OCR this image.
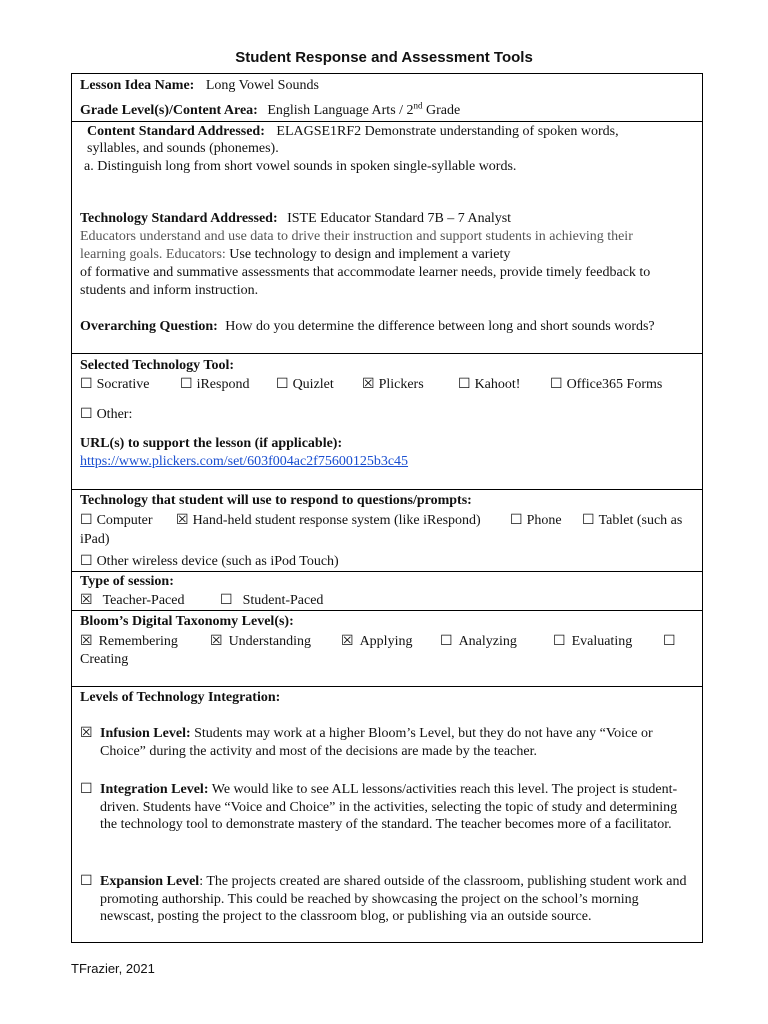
Student Response and Assessment Tools
Lesson Idea Name: Long Vowel Sounds
Grade Level(s)/Content Area: English Language Arts / 2nd Grade
Content Standard Addressed: ELAGSE1RF2 Demonstrate understanding of spoken words,
syllables, and sounds (phonemes).
a. Distinguish long from short vowel sounds in spoken single-syllable words.
Technology Standard Addressed: ISTE Educator Standard 7B – 7 Analyst
Educators understand and use data to drive their instruction and support students in achieving their
learning goals. Educators: Use technology to design and implement a variety
of formative and summative assessments that accommodate learner needs, provide timely feedback to
students and inform instruction.
Overarching Question: How do you determine the difference between long and short sounds words?
Selected Technology Tool:
☐ Socrative ☐ iRespond ☐ Quizlet ☒ Plickers ☐ Kahoot! ☐ Office365 Forms
☐ Other:
URL(s) to support the lesson (if applicable):
https://www.plickers.com/set/603f004ac2f75600125b3c45
Technology that student will use to respond to questions/prompts:
☐ Computer ☒ Hand-held student response system (like iRespond) ☐ Phone ☐ Tablet (such as
iPad)
☐ Other wireless device (such as iPod Touch)
Type of session:
☒ Teacher-Paced	☐ Student-Paced
Bloom’s Digital Taxonomy Level(s):
☒ Remembering ☒ Understanding ☒ Applying ☐ Analyzing	☐ Evaluating ☐
Creating
Levels of Technology Integration:
☒ Infusion Level: Students may work at a higher Bloom’s Level, but they do not have any “Voice or Choice” during the activity and most of the decisions are made by the teacher.
☐ Integration Level: We would like to see ALL lessons/activities reach this level. The project is student-driven. Students have “Voice and Choice” in the activities, selecting the topic of study and determining the technology tool to demonstrate mastery of the standard. The teacher becomes more of a facilitator.
☐ Expansion Level: The projects created are shared outside of the classroom, publishing student work and promoting authorship. This could be reached by showcasing the project on the school’s morning newscast, posting the project to the classroom blog, or publishing via an outside source.
TFrazier, 2021
